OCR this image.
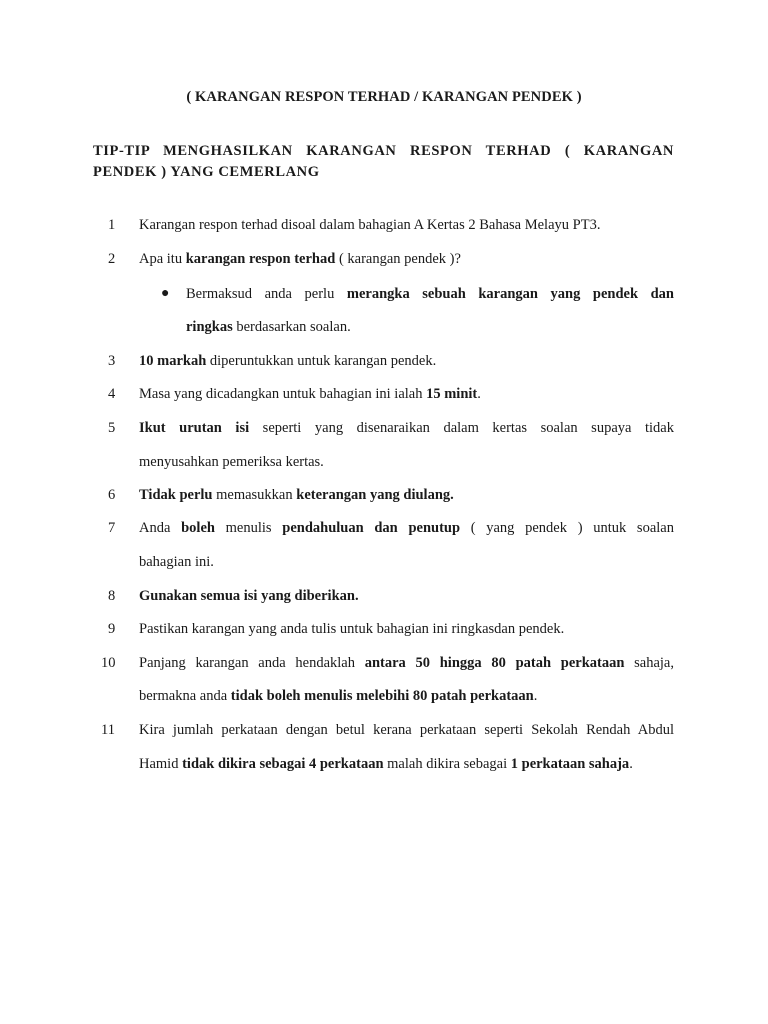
( KARANGAN RESPON TERHAD / KARANGAN PENDEK )
TIP-TIP MENGHASILKAN KARANGAN RESPON TERHAD ( KARANGAN PENDEK ) YANG CEMERLANG
1	Karangan respon terhad disoal dalam bahagian A Kertas 2 Bahasa Melayu PT3.
2	Apa itu karangan respon terhad ( karangan pendek )?
● Bermaksud anda perlu merangka sebuah karangan yang pendek dan
ringkas berdasarkan soalan.
3	10 markah diperuntukkan untuk karangan pendek.
4	Masa yang dicadangkan untuk bahagian ini ialah 15 minit.
5	Ikut urutan isi seperti yang disenaraikan dalam kertas soalan supaya tidak
menyusahkan pemeriksa kertas.
6	Tidak perlu memasukkan keterangan yang diulang.
7	Anda boleh menulis pendahuluan dan penutup ( yang pendek ) untuk soalan
bahagian ini.
8	Gunakan semua isi yang diberikan.
9	Pastikan karangan yang anda tulis untuk bahagian ini ringkasdan pendek.
10	Panjang karangan anda hendaklah antara 50 hingga 80 patah perkataan sahaja,
bermakna anda tidak boleh menulis melebihi 80 patah perkataan.
11	Kira jumlah perkataan dengan betul kerana perkataan seperti Sekolah Rendah Abdul
Hamid tidak dikira sebagai 4 perkataan malah dikira sebagai 1 perkataan sahaja.
